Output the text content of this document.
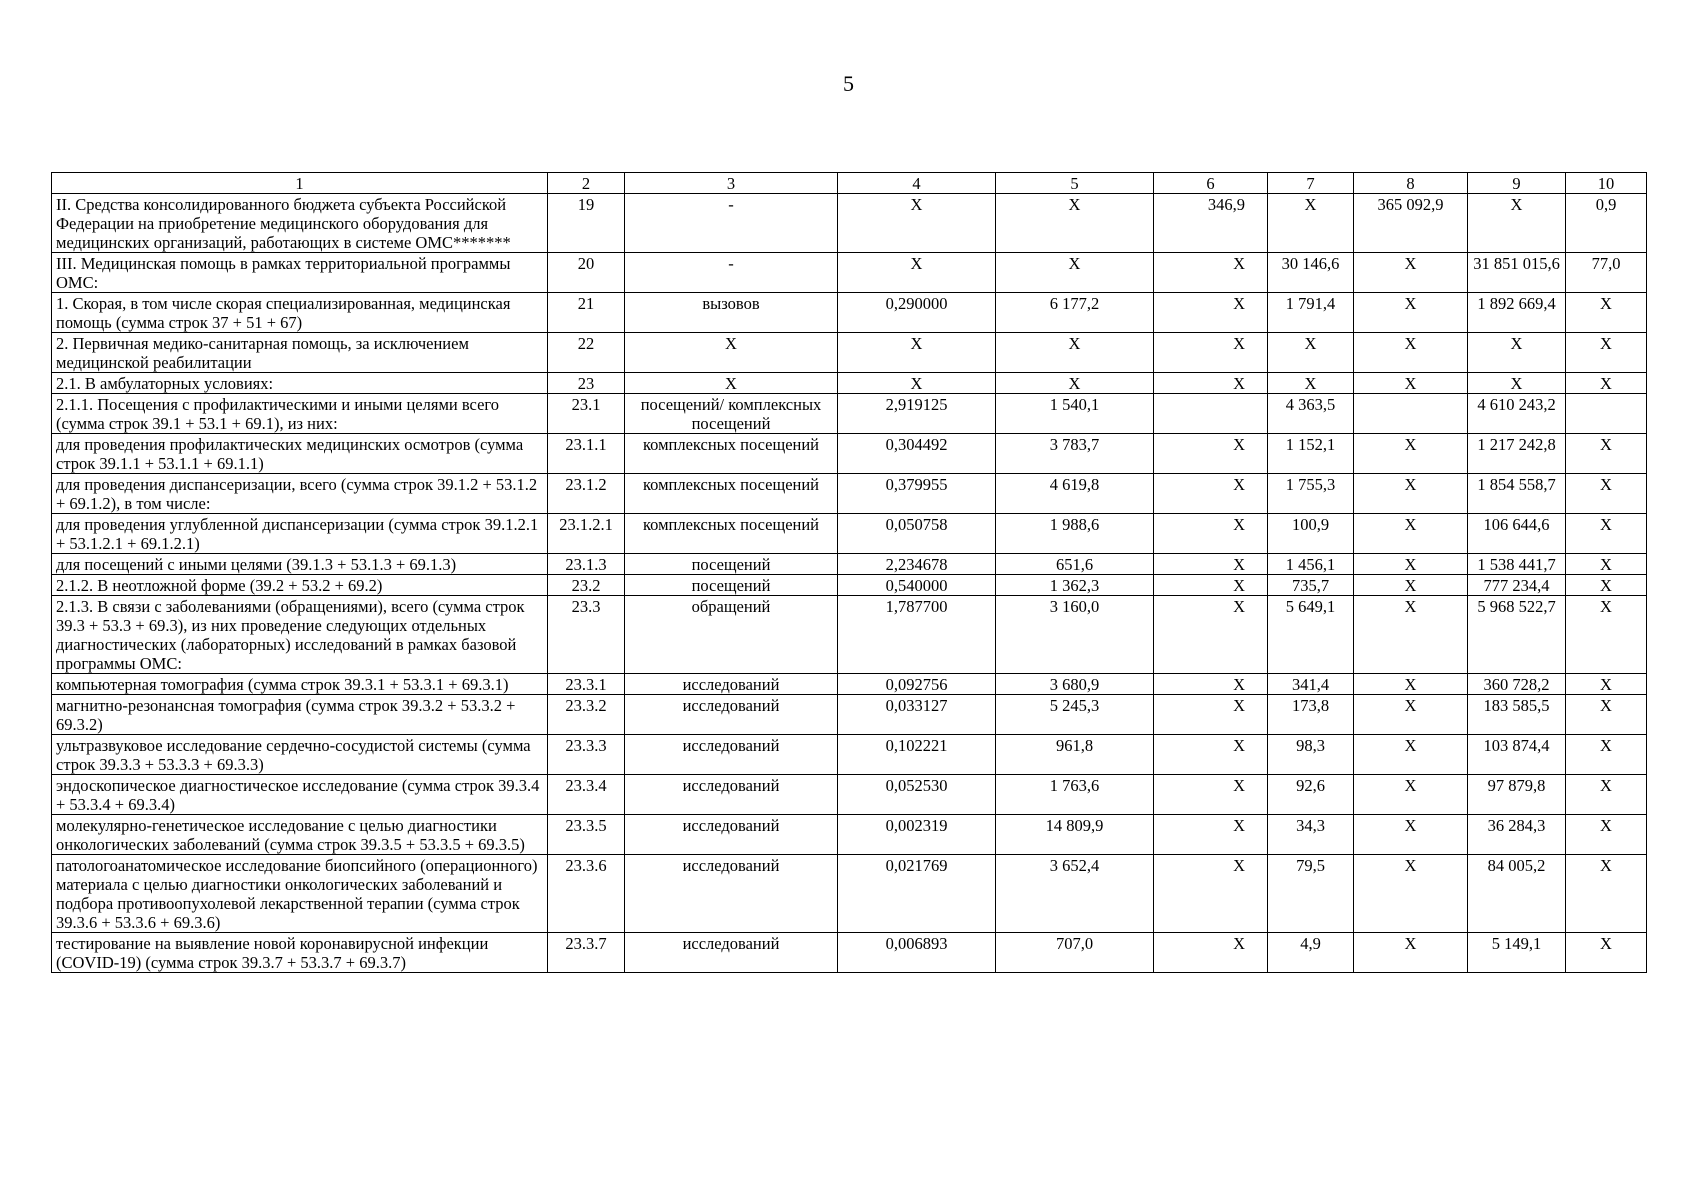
5
1	2	3	4	5	6	7	8	9	10
II. Средства консолидированного бюджета субъекта Российской Федерации на приобретение медицинского оборудования для медицинских организаций, работающих в системе ОМС*******	19	-	Х	Х	346,9	Х	365 092,9	Х	0,9
III. Медицинская помощь в рамках территориальной программы ОМС:	20	-	Х	Х	Х	30 146,6	Х	31 851 015,6	77,0
1. Скорая, в том числе скорая специализированная, медицинская помощь (сумма строк 37 + 51 + 67)	21	вызовов	0,290000	6 177,2	Х	1 791,4	Х	1 892 669,4	Х
2. Первичная медико-санитарная помощь, за исключением медицинской реабилитации	22	Х	Х	Х	Х	Х	Х	Х	Х
2.1. В амбулаторных условиях:	23	Х	Х	Х	Х	Х	Х	Х	Х
2.1.1. Посещения с профилактическими и иными целями всего (сумма строк 39.1 + 53.1 + 69.1), из них:	23.1	посещений/ комплексных посещений	2,919125	1 540,1		4 363,5		4 610 243,2	
для проведения профилактических медицинских осмотров (сумма строк 39.1.1 + 53.1.1 + 69.1.1)	23.1.1	комплексных посещений	0,304492	3 783,7	Х	1 152,1	Х	1 217 242,8	Х
для проведения диспансеризации, всего (сумма строк 39.1.2 + 53.1.2 + 69.1.2), в том числе:	23.1.2	комплексных посещений	0,379955	4 619,8	Х	1 755,3	Х	1 854 558,7	Х
для проведения углубленной диспансеризации (сумма строк 39.1.2.1 + 53.1.2.1 + 69.1.2.1)	23.1.2.1	комплексных посещений	0,050758	1 988,6	Х	100,9	Х	106 644,6	Х
для посещений с иными целями (39.1.3 + 53.1.3 + 69.1.3)	23.1.3	посещений	2,234678	651,6	Х	1 456,1	Х	1 538 441,7	Х
2.1.2. В неотложной форме (39.2 + 53.2 + 69.2)	23.2	посещений	0,540000	1 362,3	Х	735,7	Х	777 234,4	Х
2.1.3. В связи с заболеваниями (обращениями), всего (сумма строк 39.3 + 53.3 + 69.3), из них проведение следующих отдельных диагностических (лабораторных) исследований в рамках базовой программы ОМС:	23.3	обращений	1,787700	3 160,0	Х	5 649,1	Х	5 968 522,7	Х
компьютерная томография (сумма строк 39.3.1 + 53.3.1 + 69.3.1)	23.3.1	исследований	0,092756	3 680,9	Х	341,4	Х	360 728,2	Х
магнитно-резонансная томография (сумма строк 39.3.2 + 53.3.2 + 69.3.2)	23.3.2	исследований	0,033127	5 245,3	Х	173,8	Х	183 585,5	Х
ультразвуковое исследование сердечно-сосудистой системы (сумма строк 39.3.3 + 53.3.3 + 69.3.3)	23.3.3	исследований	0,102221	961,8	Х	98,3	Х	103 874,4	Х
эндоскопическое диагностическое исследование (сумма строк 39.3.4 + 53.3.4 + 69.3.4)	23.3.4	исследований	0,052530	1 763,6	Х	92,6	Х	97 879,8	Х
молекулярно-генетическое исследование с целью диагностики онкологических заболеваний (сумма строк 39.3.5 + 53.3.5 + 69.3.5)	23.3.5	исследований	0,002319	14 809,9	Х	34,3	Х	36 284,3	Х
патологоанатомическое исследование биопсийного (операционного) материала с целью диагностики онкологических заболеваний и подбора противоопухолевой лекарственной терапии (сумма строк 39.3.6 + 53.3.6 + 69.3.6)	23.3.6	исследований	0,021769	3 652,4	Х	79,5	Х	84 005,2	Х
тестирование на выявление новой коронавирусной инфекции (COVID-19) (сумма строк 39.3.7 + 53.3.7 + 69.3.7)	23.3.7	исследований	0,006893	707,0	Х	4,9	Х	5 149,1	Х
